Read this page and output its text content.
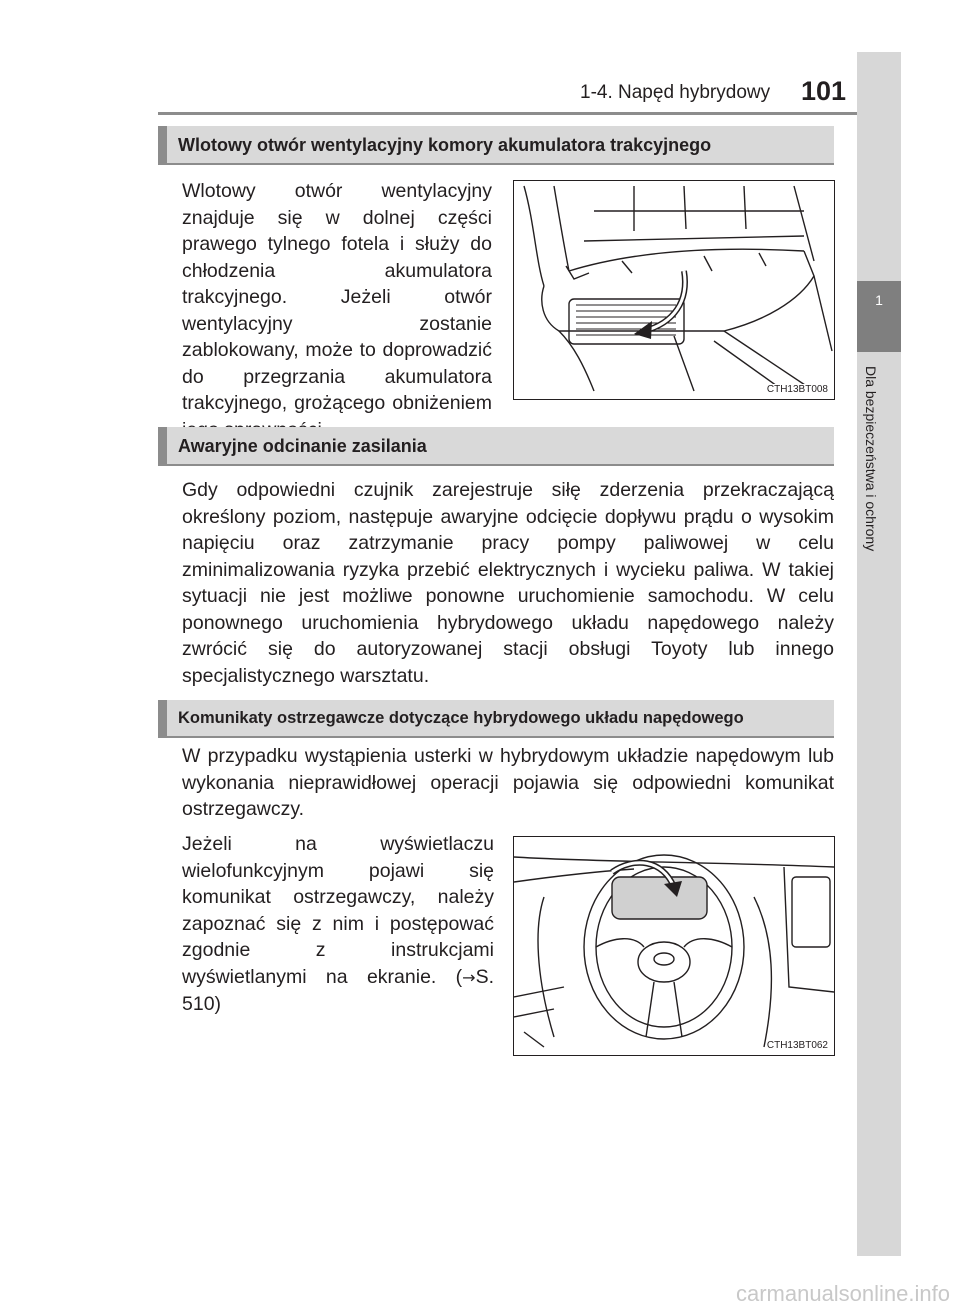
1-4. Napęd hybrydowy 101
1
Dla bezpieczeństwa i ochrony
Wlotowy otwór wentylacyjny komory akumulatora trakcyjnego
Wlotowy otwór wentylacyjny znajduje się w dolnej części prawego tylnego fotela i służy do chłodzenia akumulatora trakcyjnego. Jeżeli otwór wentylacyjny zostanie zablokowany, może to doprowadzić do przegrzania akumulatora trakcyjnego, grożącego obniżeniem
CTH13BT008
Awaryjne odcinanie zasilania
Gdy odpowiedni czujnik zarejestruje siłę zderzenia przekraczającą określony poziom, następuje awaryjne odcięcie dopływu prądu o wysokim napięciu oraz zatrzymanie pracy pompy paliwowej w celu zminimalizowania ryzyka przebić elektrycznych i wycieku paliwa. W takiej sytuacji nie jest możliwe ponowne uruchomienie samochodu. W celu ponownego uruchomienia hybrydowego układu napędowego należy zwrócić się do autoryzowanej stacji obsługi Toyoty lub innego specjalistycznego warsztatu.
Komunikaty ostrzegawcze dotyczące hybrydowego układu napędowego
W przypadku wystąpienia usterki w hybrydowym układzie napędowym lub wykonania nieprawidłowej operacji pojawia się odpowiedni komunikat ostrzegawczy.
Jeżeli na wyświetlaczu wielofunkcyjnym pojawi się komunikat ostrzegawczy, należy zapoznać się z nim i postępować zgodnie z instrukcjami wyświetlanymi na ekranie. (→S. 510)
CTH13BT062
carmanualsonline.info
